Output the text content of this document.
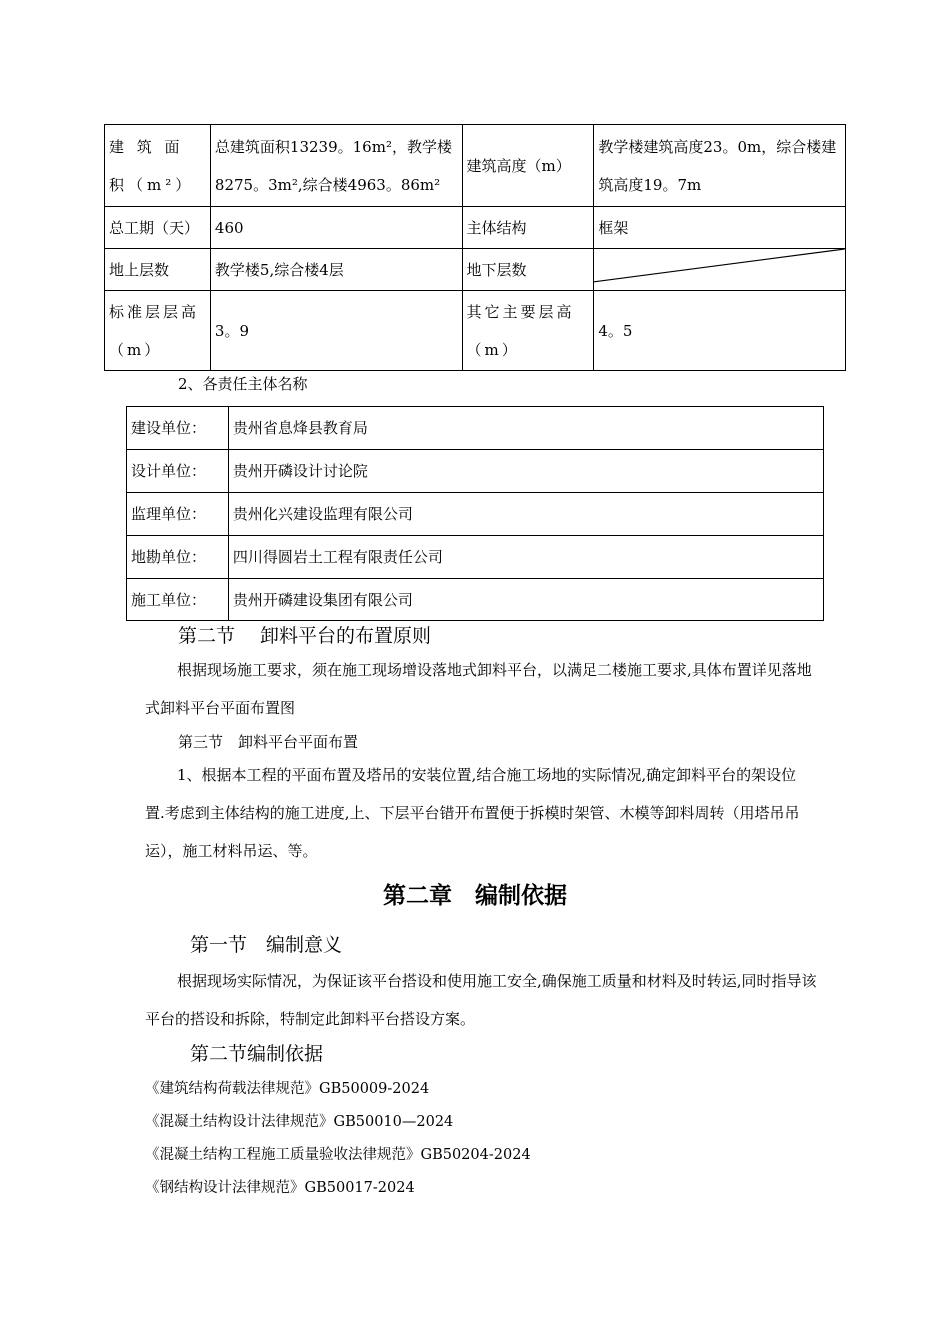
建 筑 面 积（m²）	总建筑面积13239。16m²，教学楼8275。3m²,综合楼4963。86m²	建筑高度（m）	教学楼建筑高度23。0m，综合楼建筑高度19。7m
总工期（天）	460	主体结构	框架
地上层数	教学楼5,综合楼4层	地下层数	

标准层层高（m）	3。9	其它主要层高（m）	4。5
2、各责任主体名称
建设单位：	贵州省息烽县教育局
设计单位：	贵州开磷设计讨论院
监理单位：	贵州化兴建设监理有限公司
地勘单位：	四川得圆岩土工程有限责任公司
施工单位：	贵州开磷建设集团有限公司
第二节　 卸料平台的布置原则
根据现场施工要求，须在施工现场增设落地式卸料平台，以满足二楼施工要求,具体布置详见落地式卸料平台平面布置图
第三节　卸料平台平面布置
1、根据本工程的平面布置及塔吊的安装位置,结合施工场地的实际情况,确定卸料平台的架设位置.考虑到主体结构的施工进度,上、下层平台错开布置便于拆模时架管、木模等卸料周转（用塔吊吊运），施工材料吊运、等。
第二章　编制依据
第一节　编制意义
根据现场实际情况，为保证该平台搭设和使用施工安全,确保施工质量和材料及时转运,同时指导该平台的搭设和拆除，特制定此卸料平台搭设方案。
第二节编制依据
《建筑结构荷载法律规范》GB50009-2024
《混凝土结构设计法律规范》GB50010—2024
《混凝土结构工程施工质量验收法律规范》GB50204-2024
《钢结构设计法律规范》GB50017-2024
